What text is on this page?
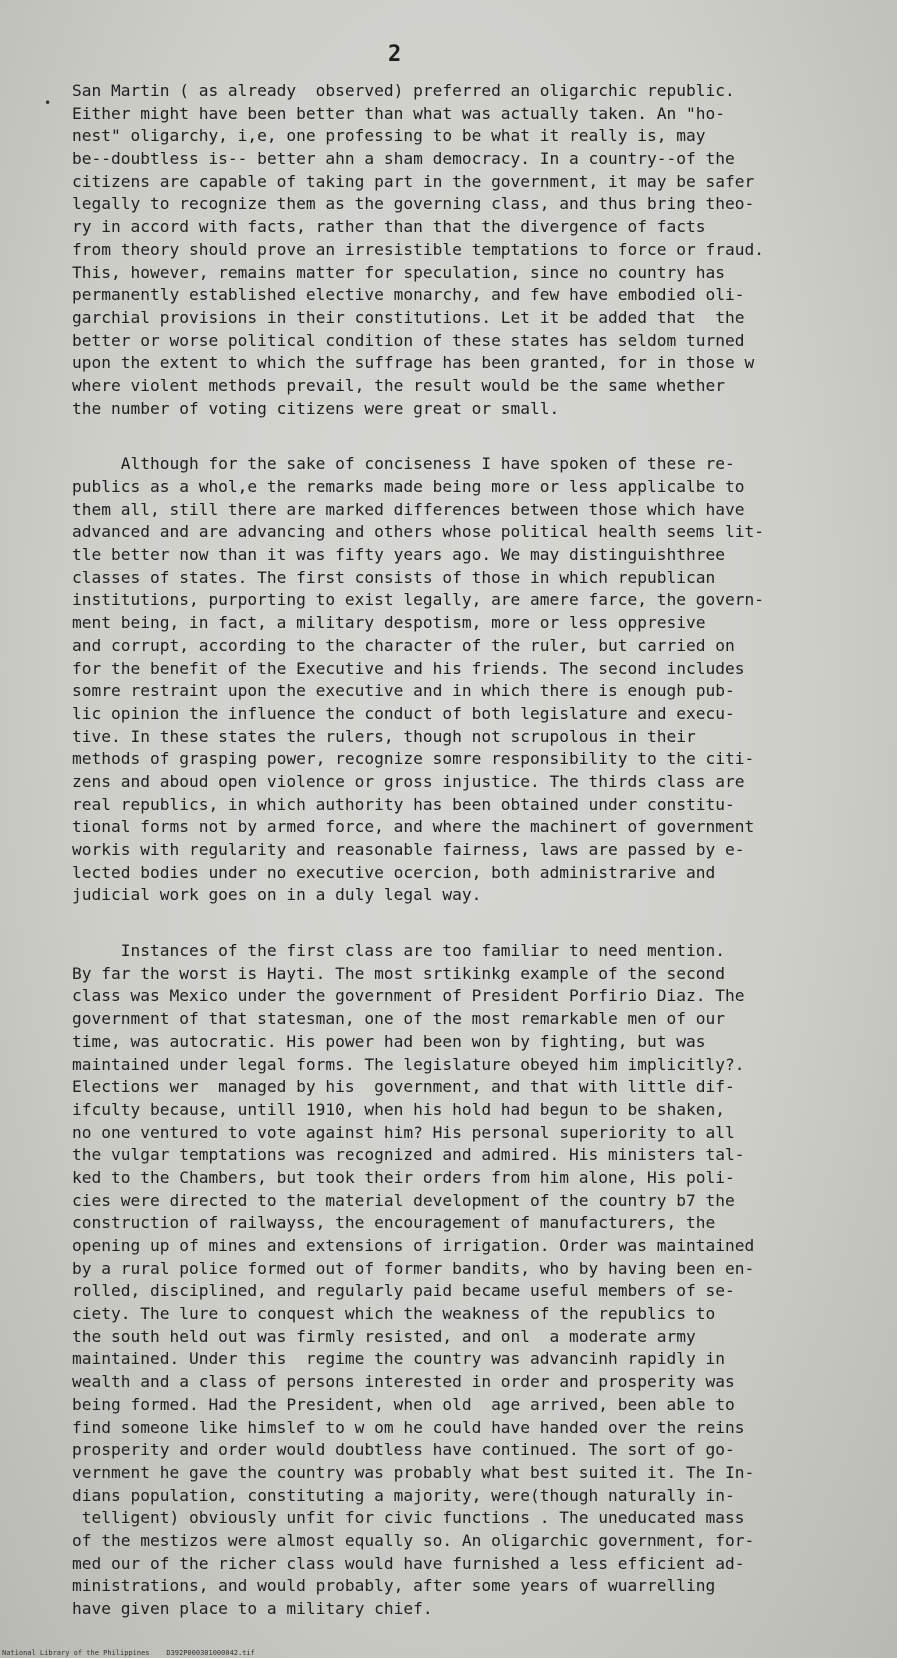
2
•
San Martin ( as already  observed) preferred an oligarchic republic.
Either might have been better than what was actually taken. An "ho-
nest" oligarchy, i,e, one professing to be what it really is, may
be--doubtless is-- better ahn a sham democracy. In a country--of the
citizens are capable of taking part in the government, it may be safer
legally to recognize them as the governing class, and thus bring theo-
ry in accord with facts, rather than that the divergence of facts
from theory should prove an irresistible temptations to force or fraud.
This, however, remains matter for speculation, since no country has
permanently established elective monarchy, and few have embodied oli-
garchial provisions in their constitutions. Let it be added that  the
better or worse political condition of these states has seldom turned
upon the extent to which the suffrage has been granted, for in those w
where violent methods prevail, the result would be the same whether
the number of voting citizens were great or small.
Although for the sake of conciseness I have spoken of these re-
publics as a whol,e the remarks made being more or less applicalbe to
them all, still there are marked differences between those which have
advanced and are advancing and others whose political health seems lit-
tle better now than it was fifty years ago. We may distinguishthree
classes of states. The first consists of those in which republican
institutions, purporting to exist legally, are amere farce, the govern-
ment being, in fact, a military despotism, more or less oppresive
and corrupt, according to the character of the ruler, but carried on
for the benefit of the Executive and his friends. The second includes
somre restraint upon the executive and in which there is enough pub-
lic opinion the influence the conduct of both legislature and execu-
tive. In these states the rulers, though not scrupolous in their
methods of grasping power, recognize somre responsibility to the citi-
zens and aboud open violence or gross injustice. The thirds class are
real republics, in which authority has been obtained under constitu-
tional forms not by armed force, and where the machinert of government
workis with regularity and reasonable fairness, laws are passed by e-
lected bodies under no executive ocercion, both administrarive and
judicial work goes on in a duly legal way.
Instances of the first class are too familiar to need mention.
By far the worst is Hayti. The most srtikinkg example of the second
class was Mexico under the government of President Porfirio Diaz. The
government of that statesman, one of the most remarkable men of our
time, was autocratic. His power had been won by fighting, but was
maintained under legal forms. The legislature obeyed him implicitly?.
Elections wer  managed by his  government, and that with little dif-
ifculty because, untill 1910, when his hold had begun to be shaken,
no one ventured to vote against him? His personal superiority to all
the vulgar temptations was recognized and admired. His ministers tal-
ked to the Chambers, but took their orders from him alone, His poli-
cies were directed to the material development of the country b7 the
construction of railwayss, the encouragement of manufacturers, the
opening up of mines and extensions of irrigation. Order was maintained
by a rural police formed out of former bandits, who by having been en-
rolled, disciplined, and regularly paid became useful members of se-
ciety. The lure to conquest which the weakness of the republics to
the south held out was firmly resisted, and onl  a moderate army
maintained. Under this  regime the country was advancinh rapidly in
wealth and a class of persons interested in order and prosperity was
being formed. Had the President, when old  age arrived, been able to
find someone like himslef to w om he could have handed over the reins
prosperity and order would doubtless have continued. The sort of go-
vernment he gave the country was probably what best suited it. The In-
dians population, constituting a majority, were(though naturally in-
telligent) obviously unfit for civic functions . The uneducated mass
of the mestizos were almost equally so. An oligarchic government, for-
med our of the richer class would have furnished a less efficient ad-
ministrations, and would probably, after some years of wuarrelling
have given place to a military chief.
National Library of the Philippines    D392P000301000042.tif
